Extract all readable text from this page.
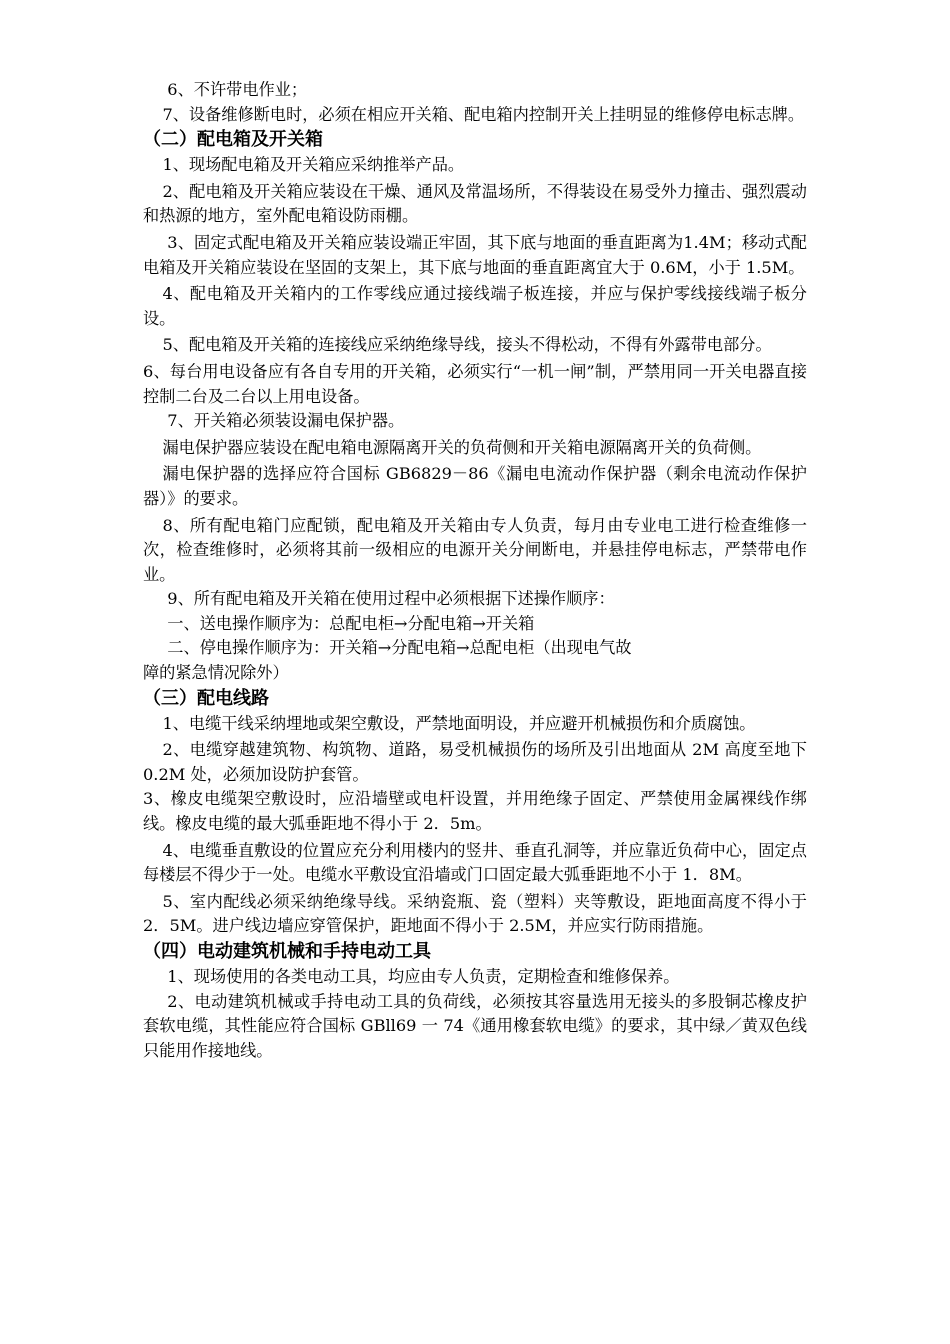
6、不许带电作业；

7、设备维修断电时，必须在相应开关箱、配电箱内控制开关上挂明显的维修停电标志牌。

（二）配电箱及开关箱

1、现场配电箱及开关箱应采纳推举产品。

2、配电箱及开关箱应装设在干燥、通风及常温场所，不得装设在易受外力撞击、强烈震动和热源的地方，室外配电箱设防雨棚。

3、固定式配电箱及开关箱应装设端正牢固，其下底与地面的垂直距离为1.4M；移动式配电箱及开关箱应装设在坚固的支架上，其下底与地面的垂直距离宜大于 0.6M，小于 1.5M。

4、配电箱及开关箱内的工作零线应通过接线端子板连接，并应与保护零线接线端子板分设。

5、配电箱及开关箱的连接线应采纳绝缘导线，接头不得松动，不得有外露带电部分。

6、每台用电设备应有各自专用的开关箱，必须实行“一机一闸”制，严禁用同一开关电器直接控制二台及二台以上用电设备。

7、开关箱必须装设漏电保护器。

漏电保护器应装设在配电箱电源隔离开关的负荷侧和开关箱电源隔离开关的负荷侧。

漏电保护器的选择应符合国标 GB6829－86《漏电电流动作保护器（剩余电流动作保护器）》的要求。

8、所有配电箱门应配锁，配电箱及开关箱由专人负责，每月由专业电工进行检查维修一次，检查维修时，必须将其前一级相应的电源开关分闸断电，并悬挂停电标志，严禁带电作业。

9、所有配电箱及开关箱在使用过程中必须根据下述操作顺序：

一、送电操作顺序为：总配电柜→分配电箱→开关箱

二、停电操作顺序为：开关箱→分配电箱→总配电柜（出现电气故

障的紧急情况除外）

（三）配电线路

1、电缆干线采纳埋地或架空敷设，严禁地面明设，并应避开机械损伤和介质腐蚀。

2、电缆穿越建筑物、构筑物、道路，易受机械损伤的场所及引出地面从 2M 高度至地下 0.2M 处，必须加设防护套管。

3、橡皮电缆架空敷设时，应沿墙壁或电杆设置，并用绝缘子固定、严禁使用金属裸线作绑线。橡皮电缆的最大弧垂距地不得小于 2．5m。

4、电缆垂直敷设的位置应充分利用楼内的竖井、垂直孔洞等，并应靠近负荷中心，固定点每楼层不得少于一处。电缆水平敷设宜沿墙或门口固定最大弧垂距地不小于 1．8M。

5、室内配线必须采纳绝缘导线。采纳瓷瓶、瓷（塑料）夹等敷设，距地面高度不得小于 2．5M。进户线边墙应穿管保护，距地面不得小于 2.5M，并应实行防雨措施。

（四）电动建筑机械和手持电动工具

1、现场使用的各类电动工具，均应由专人负责，定期检查和维修保养。

2、电动建筑机械或手持电动工具的负荷线，必须按其容量选用无接头的多股铜芯橡皮护套软电缆，其性能应符合国标 GBll69 一 74《通用橡套软电缆》的要求，其中绿／黄双色线只能用作接地线。
